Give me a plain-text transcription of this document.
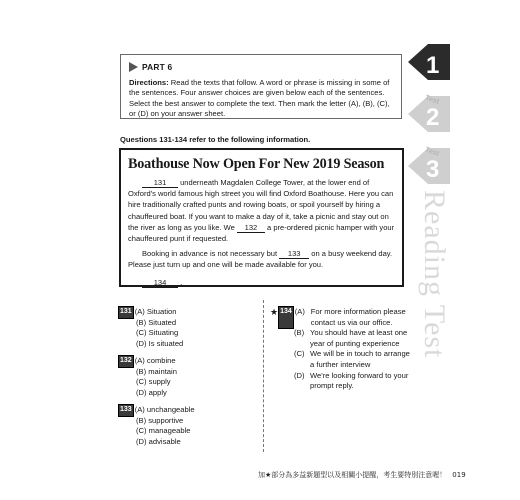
Test
1
Test
2
Test
3
Reading Test
PART 6
Directions: Read the texts that follow. A word or phrase is missing in some of the sentences. Four answer choices are given below each of the sentences. Select the best answer to complete the text. Then mark the letter (A), (B), (C), or (D) on your answer sheet.
Questions 131-134 refer to the following information.
Boathouse Now Open For New 2019 Season

131 underneath Magdalen College Tower, at the lower end of Oxford's world famous high street you will find Oxford Boathouse. Here you can hire traditionally crafted punts and rowing boats, or spoil yourself by hiring a chauffeured boat. If you want to make a day of it, take a picnic and stay out on the river as long as you like. We 132 a pre-ordered picnic hamper with your chauffeured punt if requested.

Booking in advance is not necessary but 133 on a busy weekend day. Please just turn up and one will be made available for you.

134 .

131 (A) Situation
(B) Situated
(C) Situating
(D) Is situated
132 (A) combine
(B) maintain
(C) supply
(D) apply
133 (A) unchangeable
(B) supportive
(C) manageable
(D) advisable
★ 134 (A) For more information please contact us via our office.
(B) You should have at least one year of punting experience
(C) We will be in touch to arrange a further interview
(D) We're looking forward to your prompt reply.
加★部分為多益新題型以及相關小提醒，考生要特別注意喔！ 019
